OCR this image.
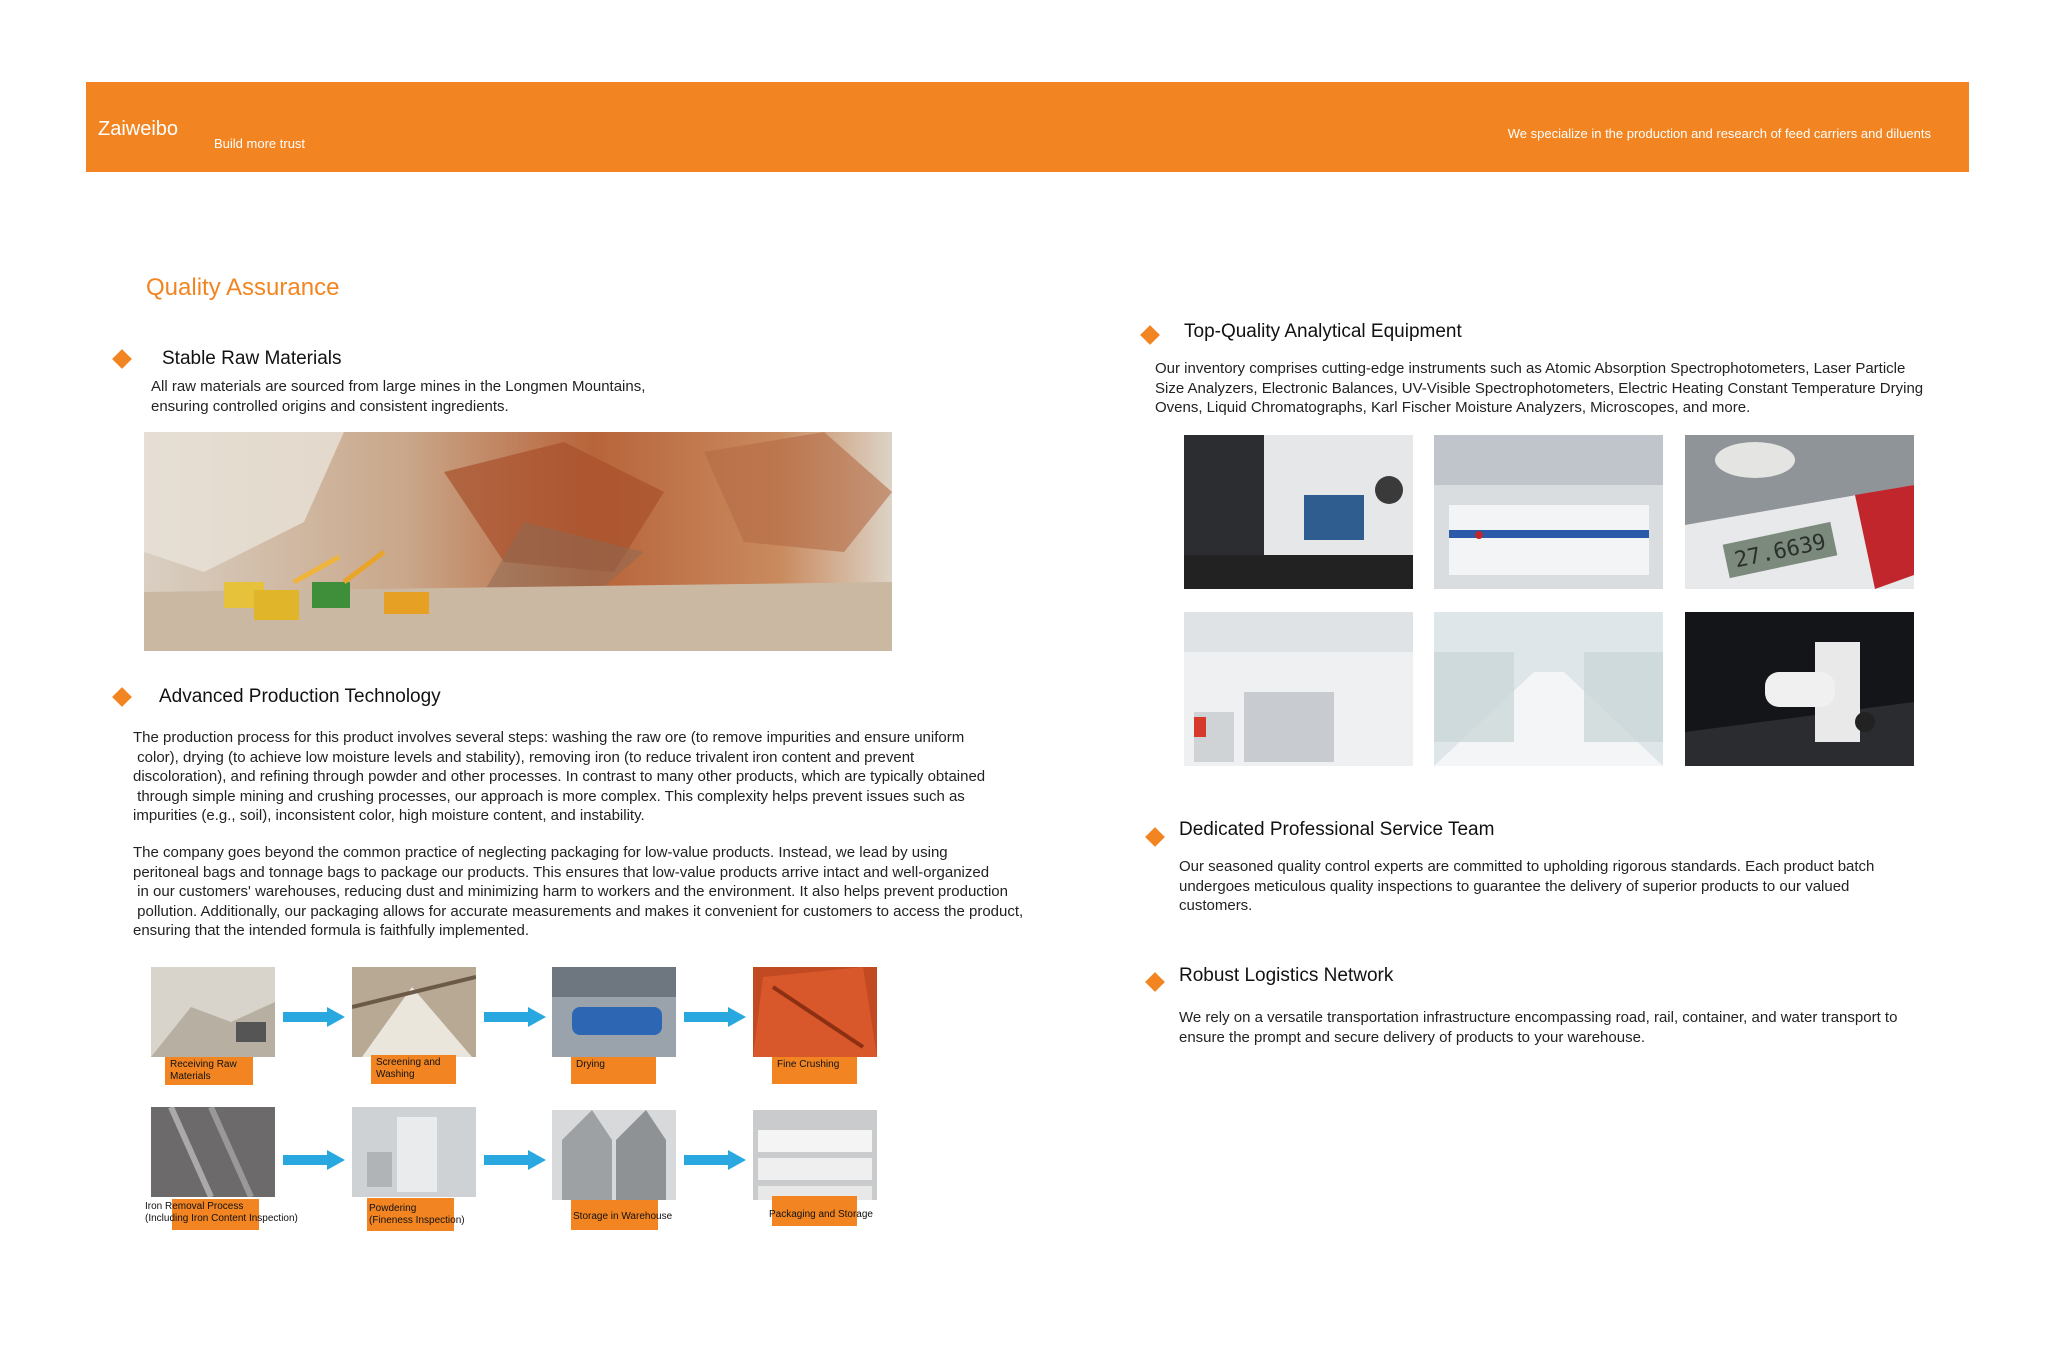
Zaiweibo
Build more trust
We specialize in the production and research of feed carriers and diluents
Quality Assurance
Stable Raw Materials
All raw materials are sourced from large mines in the Longmen Mountains,
ensuring controlled origins and consistent ingredients.
Advanced Production Technology
The production process for this product involves several steps: washing the raw ore (to remove impurities and ensure uniform
color), drying (to achieve low moisture levels and stability), removing iron (to reduce trivalent iron content and prevent
discoloration), and refining through powder and other processes. In contrast to many other products, which are typically obtained
through simple mining and crushing processes, our approach is more complex. This complexity helps prevent issues such as
impurities (e.g., soil), inconsistent color, high moisture content, and instability.
The company goes beyond the common practice of neglecting packaging for low-value products. Instead, we lead by using
peritoneal bags and tonnage bags to package our products. This ensures that low-value products arrive intact and well-organized
in our customers' warehouses, reducing dust and minimizing harm to workers and the environment. It also helps prevent production
pollution. Additionally, our packaging allows for accurate measurements and makes it convenient for customers to access the product,
ensuring that the intended formula is faithfully implemented.
Receiving Raw
Materials
Screening and
Washing
Drying	Fine Crushing
Iron Removal Process
(Including Iron Content Inspection)
Powdering
(Fineness Inspection)	Storage in Warehouse	Packaging and Storage
Top-Quality Analytical Equipment
Our inventory comprises cutting-edge instruments such as Atomic Absorption Spectrophotometers, Laser Particle
Size Analyzers, Electronic Balances, UV-Visible Spectrophotometers, Electric Heating Constant Temperature Drying
Ovens, Liquid Chromatographs, Karl Fischer Moisture Analyzers, Microscopes, and more.
27.6639
Dedicated Professional Service Team
Our seasoned quality control experts are committed to upholding rigorous standards. Each product batch
undergoes meticulous quality inspections to guarantee the delivery of superior products to our valued
customers.
Robust Logistics Network
We rely on a versatile transportation infrastructure encompassing road, rail, container, and water transport to
ensure the prompt and secure delivery of products to your warehouse.
